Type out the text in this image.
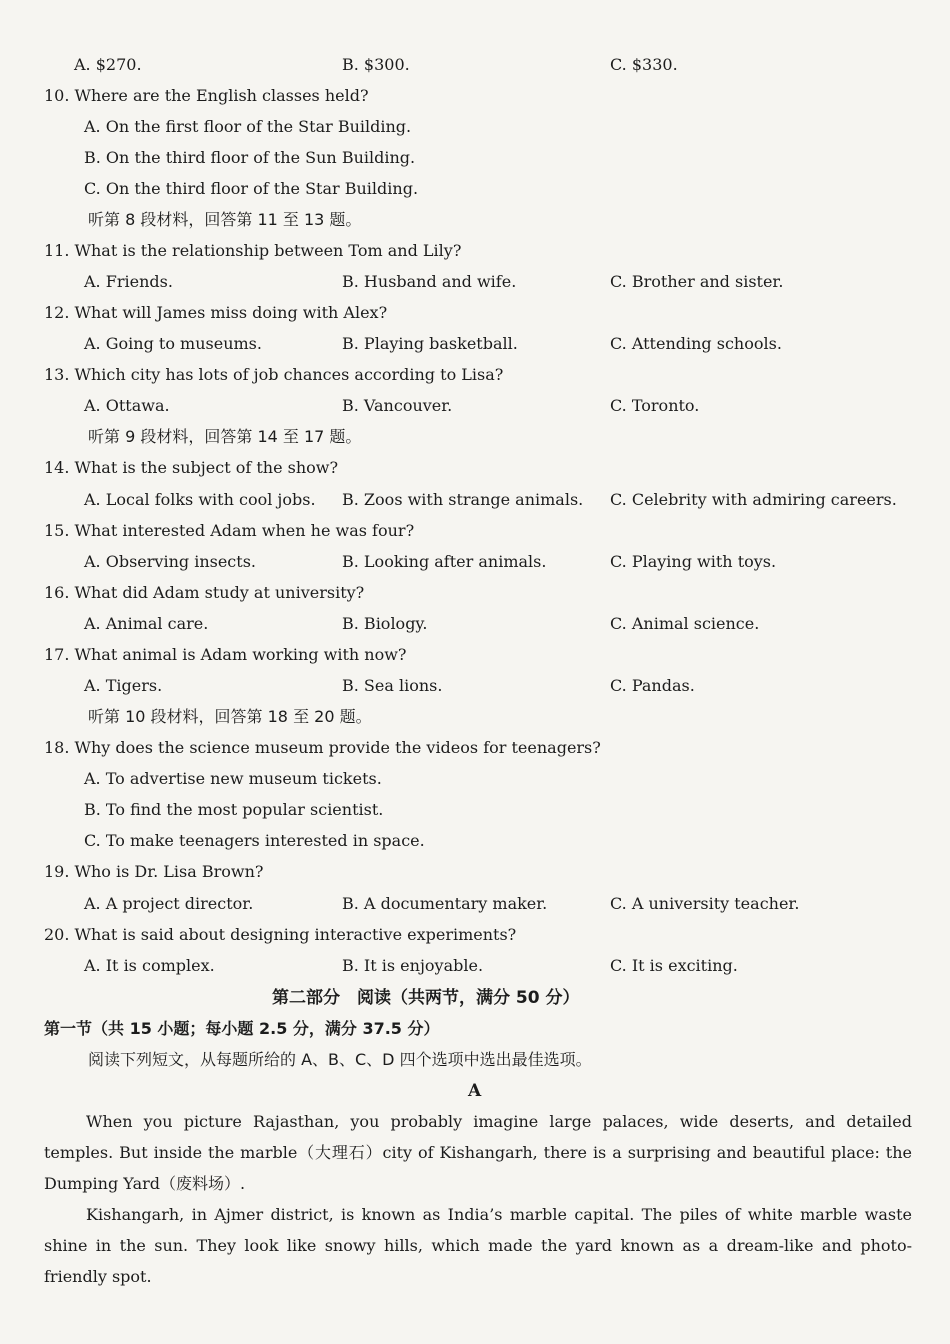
A. $270.	B. $300.	C. $330.
10. Where are the English classes held?
A. On the first floor of the Star Building.
B. On the third floor of the Sun Building.
C. On the third floor of the Star Building.
听第 8 段材料，回答第 11 至 13 题。
11. What is the relationship between Tom and Lily?
A. Friends.	B. Husband and wife.	C. Brother and sister.
12. What will James miss doing with Alex?
A. Going to museums.	B. Playing basketball.	C. Attending schools.
13. Which city has lots of job chances according to Lisa?
A. Ottawa.	B. Vancouver.	C. Toronto.
听第 9 段材料，回答第 14 至 17 题。
14. What is the subject of the show?
A. Local folks with cool jobs. B. Zoos with strange animals. C. Celebrity with admiring careers.
15. What interested Adam when he was four?
A. Observing insects.	B. Looking after animals.	C. Playing with toys.
16. What did Adam study at university?
A. Animal care.	B. Biology.	C. Animal science.
17. What animal is Adam working with now?
A. Tigers.	B. Sea lions.	C. Pandas.
听第 10 段材料，回答第 18 至 20 题。
18. Why does the science museum provide the videos for teenagers?
A. To advertise new museum tickets.
B. To find the most popular scientist.
C. To make teenagers interested in space.
19. Who is Dr. Lisa Brown?
A. A project director.	B. A documentary maker.	C. A university teacher.
20. What is said about designing interactive experiments?
A. It is complex.	B. It is enjoyable.	C. It is exciting.
第二部分　阅读（共两节，满分 50 分）
第一节（共 15 小题；每小题 2.5 分，满分 37.5 分）
阅读下列短文，从每题所给的 A、B、C、D 四个选项中选出最佳选项。
A
When you picture Rajasthan, you probably imagine large palaces, wide deserts, and detailed temples. But inside the marble（大理石）city of Kishangarh, there is a surprising and beautiful place: the Dumping Yard（废料场）.
Kishangarh, in Ajmer district, is known as India’s marble capital. The piles of white marble waste shine in the sun. They look like snowy hills, which made the yard known as a dream-like and photo-friendly spot.
